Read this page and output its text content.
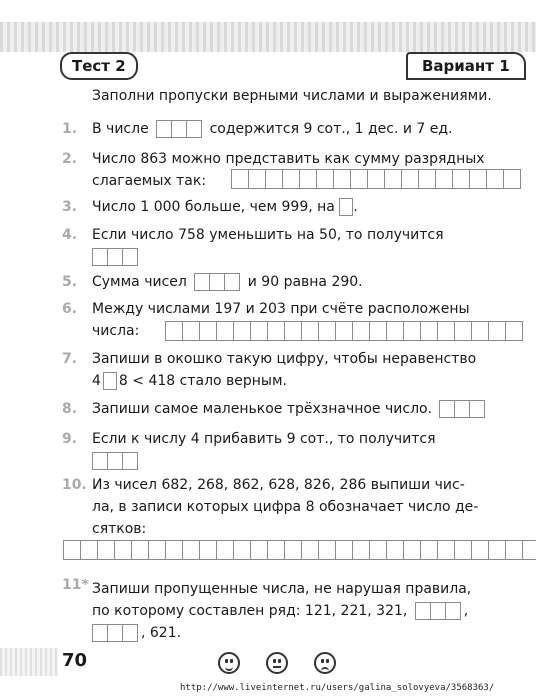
Тест 2	Вариант 1
Заполни пропуски верными числами и выражениями.
1. В числе	содержится 9 сот., 1 дес. и 7 ед.
2. Число 863 можно представить как сумму разрядных
слагаемых так:
3. Число 1 000 больше, чем 999, на .
4. Если число 758 уменьшить на 50, то получится
5. Сумма чисел	и 90 равна 290.
6. Между числами 197 и 203 при счёте расположены
числа:
7. Запиши в окошко такую цифру, чтобы неравенство
4 8 < 418 стало верным.
8. Запиши самое маленькое трёхзначное число.
9. Если к числу 4 прибавить 9 сот., то получится
10. Из чисел 682, 268, 862, 628, 826, 286 выпиши чис-
ла, в записи которых цифра 8 обозначает число де-
сятков:
11* Запиши пропущенные числа, не нарушая правила,
по которому составлен ряд: 121, 221, 321,	,
, 621.
70
http://www.liveinternet.ru/users/galina_solovyeva/3568363/
